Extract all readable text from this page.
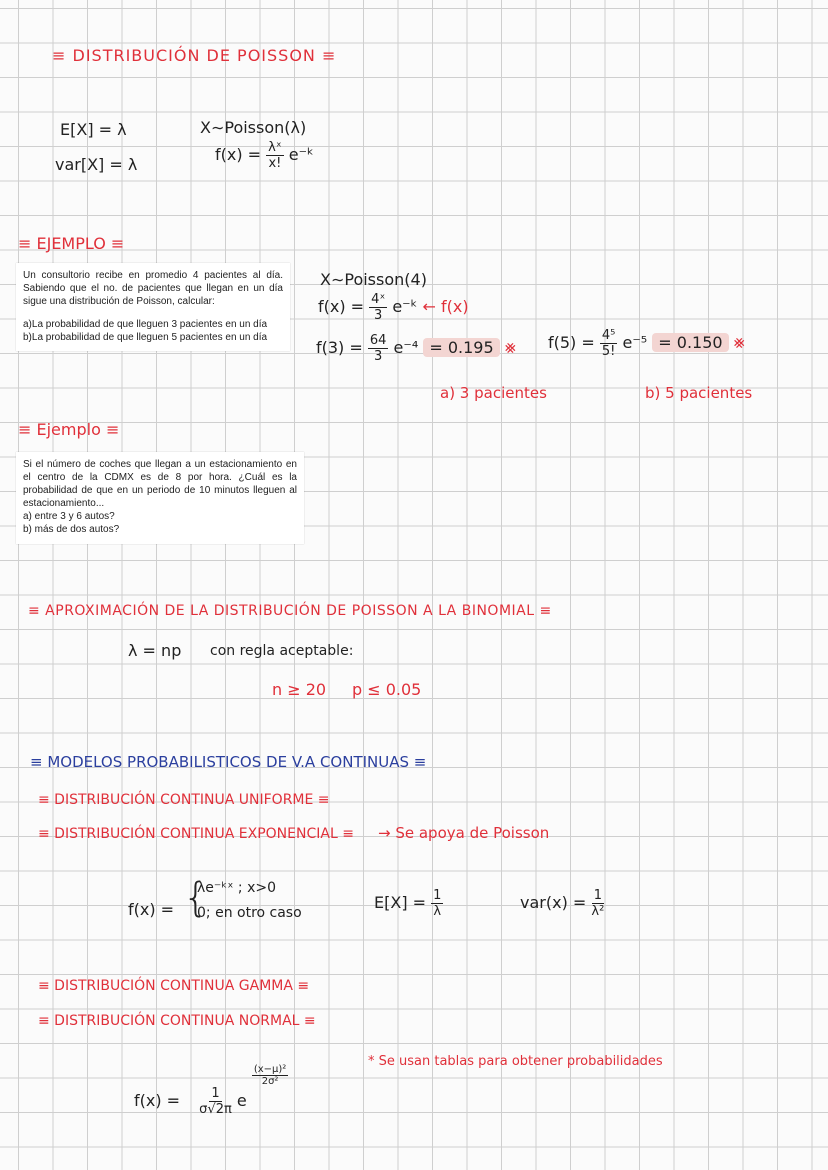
≡ DISTRIBUCIÓN DE POISSON ≡
E[X] = λ
var[X] = λ
X∼Poisson(λ)
$f(x) = \frac{\text{λˣ}}{x!}$ e⁻ᵏ
≡ EJEMPLO ≡

Un consultorio recibe en promedio 4 pacientes al día. Sabiendo que el no. de pacientes que llegan en un día sigue una distribución de Poisson, calcular:

a)La probabilidad de que lleguen 3 pacientes en un día

b)La probabilidad de que lleguen 5 pacientes en un día

X∼Poisson(4)
$f(x) = \frac{\text{4ˣ}}{3}$ e⁻ᵏ ← f(x)
$f(3) = \frac{64}{3} e^{-4} = 0.195$ ⨳ $f(5) = \frac{\text{4⁵}}{5!} e^{-5} = 0.150$ ⨳
a) 3 pacientes	b) 5 pacientes
≡ Ejemplo ≡

Si el número de coches que llegan a un estacionamiento en el centro de la CDMX es de 8 por hora. ¿Cuál es la probabilidad de que en un periodo de 10 minutos lleguen al estacionamiento...

a) entre 3 y 6 autos?

b) más de dos autos?

≡ APROXIMACIÓN DE LA DISTRIBUCIÓN DE POISSON A LA BINOMIAL ≡
λ = np con regla aceptable:
n ≥ 20 p ≤ 0.05
≡ MODELOS PROBABILISTICOS DE V.A CONTINUAS ≡
≡ DISTRIBUCIÓN CONTINUA UNIFORME ≡
≡ DISTRIBUCIÓN CONTINUA EXPONENCIAL ≡ → Se apoya de Poisson
f(x) = {
λe⁻ᵏˣ ; x>0
0; en otro caso
$E[X] = \frac{1}{\lambda}$	$var(x) = \frac{1}{\text{λ²}}$
≡ DISTRIBUCIÓN CONTINUA GAMMA ≡
≡ DISTRIBUCIÓN CONTINUA NORMAL ≡
* Se usan tablas para obtener probabilidades
$f(x) = \frac{1}{\sigma√2\pi}$ e
$\frac{\text{(x−μ)²}}{\text{2σ²}}$
